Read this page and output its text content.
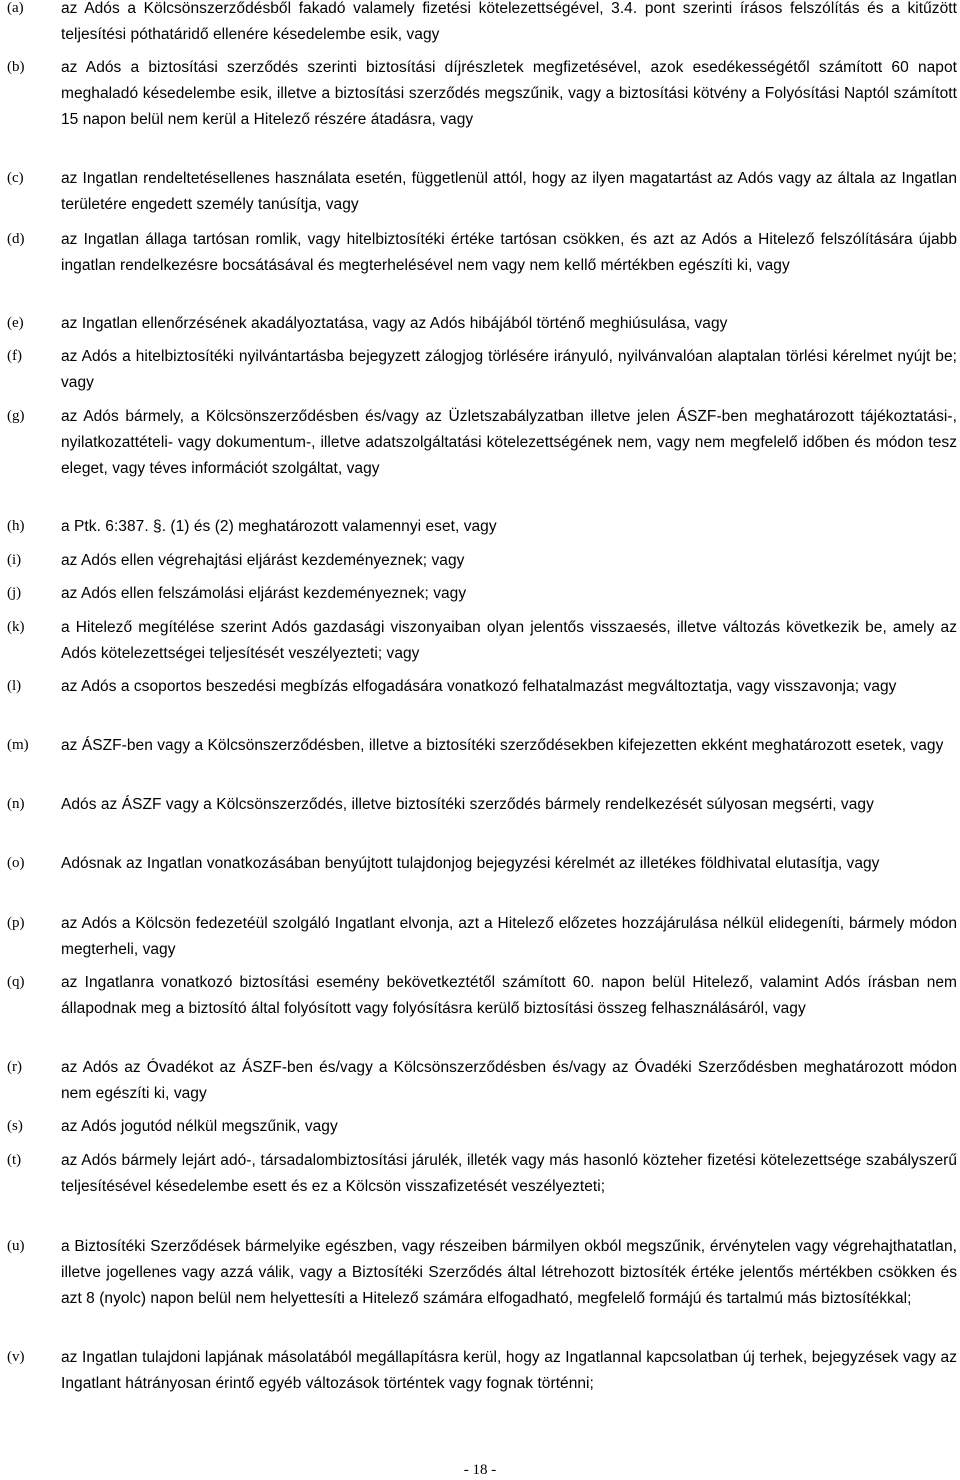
(a) az Adós a Kölcsönszerződésből fakadó valamely fizetési kötelezettségével, 3.4. pont szerinti írásos felszólítás és a kitűzött teljesítési póthatáridő ellenére késedelembe esik, vagy
(b) az Adós a biztosítási szerződés szerinti biztosítási díjrészletek megfizetésével, azok esedékességétől számított 60 napot meghaladó késedelembe esik, illetve a biztosítási szerződés megszűnik, vagy a biztosítási kötvény a Folyósítási Naptól számított 15 napon belül nem kerül a Hitelező részére átadásra, vagy
(c) az Ingatlan rendeltetésellenes használata esetén, függetlenül attól, hogy az ilyen magatartást az Adós vagy az általa az Ingatlan területére engedett személy tanúsítja, vagy
(d) az Ingatlan állaga tartósan romlik, vagy hitelbiztosítéki értéke tartósan csökken, és azt az Adós a Hitelező felszólítására újabb ingatlan rendelkezésre bocsátásával és megterhelésével nem vagy nem kellő mértékben egészíti ki, vagy
(e) az Ingatlan ellenőrzésének akadályoztatása, vagy az Adós hibájából történő meghiúsulása, vagy
(f)	az Adós a hitelbiztosítéki nyilvántartásba bejegyzett zálogjog törlésére irányuló, nyilvánvalóan alaptalan törlési kérelmet nyújt be; vagy
(g) az Adós bármely, a Kölcsönszerződésben és/vagy az Üzletszabályzatban illetve jelen ÁSZF-ben meghatározott tájékoztatási-, nyilatkozattételi- vagy dokumentum-, illetve adatszolgáltatási kötelezettségének nem, vagy nem megfelelő időben és módon tesz eleget, vagy téves információt szolgáltat, vagy
(h) a Ptk. 6:387. §. (1) és (2) meghatározott valamennyi eset, vagy
(i)	az Adós ellen végrehajtási eljárást kezdeményeznek; vagy
(j)	az Adós ellen felszámolási eljárást kezdeményeznek; vagy
(k) a Hitelező megítélése szerint Adós gazdasági viszonyaiban olyan jelentős visszaesés, illetve változás következik be, amely az Adós kötelezettségei teljesítését veszélyezteti; vagy
(l)	az Adós a csoportos beszedési megbízás elfogadására vonatkozó felhatalmazást megváltoztatja, vagy visszavonja; vagy
(m) az ÁSZF-ben vagy a Kölcsönszerződésben, illetve a biztosítéki szerződésekben kifejezetten ekként meghatározott esetek, vagy
(n) Adós az ÁSZF vagy a Kölcsönszerződés, illetve biztosítéki szerződés bármely rendelkezését súlyosan megsérti, vagy
(o) Adósnak az Ingatlan vonatkozásában benyújtott tulajdonjog bejegyzési kérelmét az illetékes földhivatal elutasítja, vagy
(p) az Adós a Kölcsön fedezetéül szolgáló Ingatlant elvonja, azt a Hitelező előzetes hozzájárulása nélkül elidegeníti, bármely módon megterheli, vagy
(q) az Ingatlanra vonatkozó biztosítási esemény bekövetkeztétől számított 60. napon belül Hitelező, valamint Adós írásban nem állapodnak meg a biztosító által folyósított vagy folyósításra kerülő biztosítási összeg felhasználásáról, vagy
(r)	az Adós az Óvadékot az ÁSZF-ben és/vagy a Kölcsönszerződésben és/vagy az Óvadéki Szerződésben meghatározott módon nem egészíti ki, vagy
(s) az Adós jogutód nélkül megszűnik, vagy
(t)	az Adós bármely lejárt adó-, társadalombiztosítási járulék, illeték vagy más hasonló közteher fizetési kötelezettsége szabályszerű teljesítésével késedelembe esett és ez a Kölcsön visszafizetését veszélyezteti;
(u) a Biztosítéki Szerződések bármelyike egészben, vagy részeiben bármilyen okból megszűnik, érvénytelen vagy végrehajthatatlan, illetve jogellenes vagy azzá válik, vagy a Biztosítéki Szerződés által létrehozott biztosíték értéke jelentős mértékben csökken és azt 8 (nyolc) napon belül nem helyettesíti a Hitelező számára elfogadható, megfelelő formájú és tartalmú más biztosítékkal;
(v) az Ingatlan tulajdoni lapjának másolatából megállapításra kerül, hogy az Ingatlannal kapcsolatban új terhek, bejegyzések vagy az Ingatlant hátrányosan érintő egyéb változások történtek vagy fognak történni;
- 18 -
